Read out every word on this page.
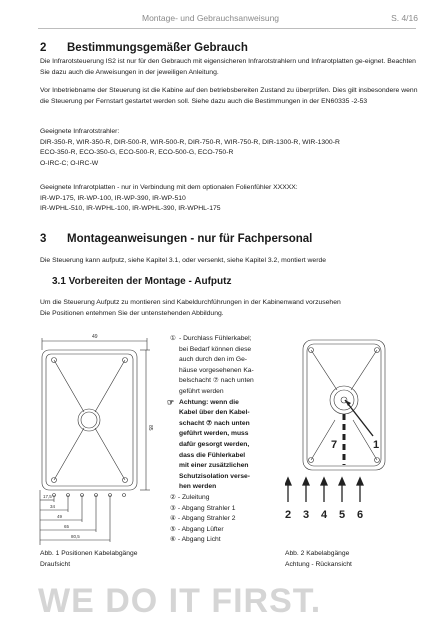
Montage- und Gebrauchsanweisung	S. 4/16
2 Bestimmungsgemäßer Gebrauch
Die Infrarotsteuerung IS2 ist nur für den Gebrauch mit eigensicheren Infrarotstrahlern und Infrarotplatten ge-eignet. Beachten Sie dazu auch die Anweisungen in der jeweiligen Anleitung.
Vor Inbetriebname der Steuerung ist die Kabine auf den betriebsbereiten Zustand zu überprüfen. Dies gilt insbesondere wenn die Steuerung per Fernstart gestartet werden soll. Siehe dazu auch die Bestimmungen in der EN60335 -2-53
Geeignete Infrarotstrahler:
DIR-350-R, WIR-350-R, DIR-500-R, WIR-500-R, DIR-750-R, WIR-750-R, DIR-1300-R, WIR-1300-R
ECO-350-R, ECO-350-G, ECO-500-R, ECO-500-G, ECO-750-R
O-IRC-C; O-IRC-W
Geeignete Infrarotplatten - nur in Verbindung mit dem optionalen Folienfühler XXXXX:
IR-WP-175, IR-WP-100, IR-WP-390, IR-WP-510
IR-WPHL-510, IR-WPHL-100, IR-WPHL-390, IR-WPHL-175
3 Montageanweisungen - nur für Fachpersonal
Die Steuerung kann aufputz, siehe Kapitel 3.1, oder versenkt, siehe Kapitel 3.2, montiert werde
3.1 Vorbereiten der Montage - Aufputz
Um die Steuerung Aufputz zu montieren sind Kabeldurchführungen in der Kabinenwand vorzusehen
Die Positionen entehmen Sie der untenstehenden Abbildung.
49
85
17,5
34
49
65
80,5
Abb. 1 Positionen Kabelabgänge
Draufsicht
① - Durchlass Fühlerkabel;
bei Bedarf können diese
auch durch den im Ge-
häuse vorgesehenen Ka-
belschacht ⑦ nach unten
geführt werden
☞ Achtung: wenn die
Kabel über den Kabel-
schacht ⑦ nach unten
geführt werden, muss
dafür gesorgt werden,
dass die Fühlerkabel
mit einer zusätzlichen
Schutzisolation verse-
hen werden
② - Zuleitung
③ - Abgang Strahler 1
④ - Abgang Strahler 2
⑤ - Abgang Lüfter
⑥ - Abgang Licht
1
7
2 3 4 5 6
Abb. 2 Kabelabgänge
Achtung - Rückansicht
WE DO IT FIRST.
